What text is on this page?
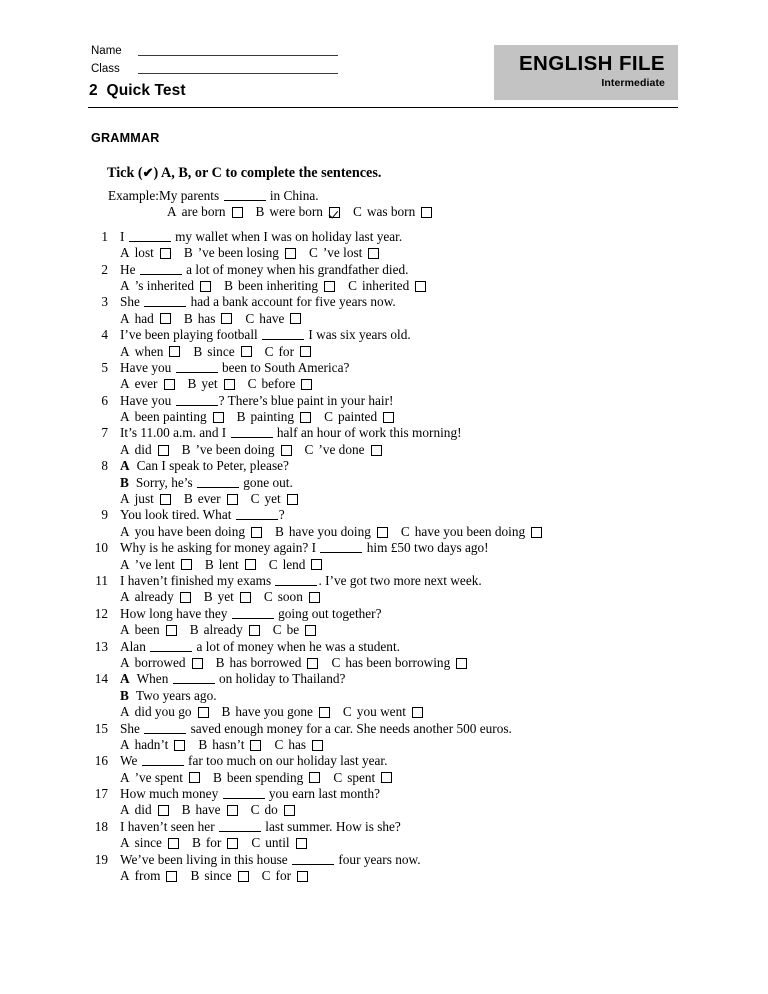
Name
Class
2  Quick Test
ENGLISH FILE
Intermediate
GRAMMAR
Tick (✔) A, B, or C to complete the sentences.
Example: My parents	in China.
A are born B were born C was born
1 I	my wallet when I was on holiday last year.
A lost B ’ve been losing C ’ve lost
2 He	a lot of money when his grandfather died.
A ’s inherited B been inheriting C inherited
3 She	had a bank account for five years now.
A had B has C have
4 I’ve been playing football	I was six years old.
A when B since C for
5 Have you	been to South America?
A ever B yet C before
6 Have you	? There’s blue paint in your hair!
A been painting B painting C painted
7 It’s 11.00 a.m. and I	half an hour of work this morning!
A did B ’ve been doing C ’ve done
8 A Can I speak to Peter, please?
B Sorry, he’s	gone out.
A just B ever C yet
9 You look tired. What	?
A you have been doing B have you doing C have you been doing
10 Why is he asking for money again? I	him £50 two days ago!
A ’ve lent B lent C lend
11 I haven’t finished my exams	. I’ve got two more next week.
A already B yet C soon
12 How long have they	going out together?
A been B already C be
13 Alan	a lot of money when he was a student.
A borrowed B has borrowed C has been borrowing
14 A When	on holiday to Thailand?
B Two years ago.
A did you go B have you gone C you went
15 She	saved enough money for a car. She needs another 500 euros.
A hadn’t B hasn’t C has
16 We	far too much on our holiday last year.
A ’ve spent B been spending C spent
17 How much money	you earn last month?
A did B have C do
18 I haven’t seen her	last summer. How is she?
A since B for C until
19 We’ve been living in this house	four years now.
A from B since C for
